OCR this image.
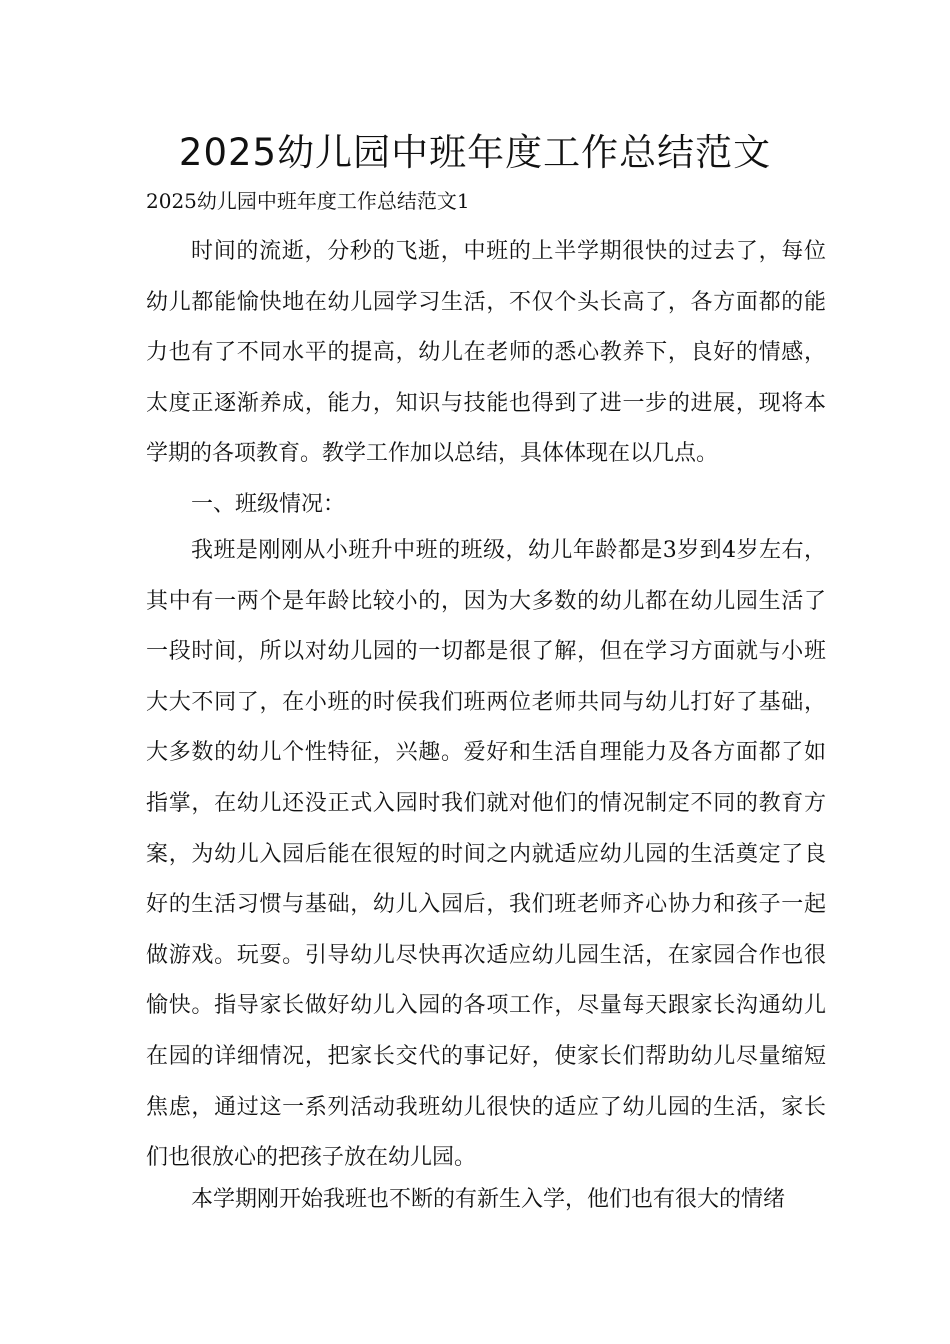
2025幼儿园中班年度工作总结范文
2025幼儿园中班年度工作总结范文1

时间的流逝，分秒的飞逝，中班的上半学期很快的过去了，每位幼儿都能愉快地在幼儿园学习生活，不仅个头长高了，各方面都的能力也有了不同水平的提高，幼儿在老师的悉心教养下，良好的情感，太度正逐渐养成，能力，知识与技能也得到了进一步的进展，现将本学期的各项教育。教学工作加以总结，具体体现在以几点。

一、班级情况：

我班是刚刚从小班升中班的班级，幼儿年龄都是3岁到4岁左右，其中有一两个是年龄比较小的，因为大多数的幼儿都在幼儿园生活了一段时间，所以对幼儿园的一切都是很了解，但在学习方面就与小班大大不同了，在小班的时侯我们班两位老师共同与幼儿打好了基础，大多数的幼儿个性特征，兴趣。爱好和生活自理能力及各方面都了如指掌，在幼儿还没正式入园时我们就对他们的情况制定不同的教育方案，为幼儿入园后能在很短的时间之内就适应幼儿园的生活奠定了良好的生活习惯与基础，幼儿入园后，我们班老师齐心协力和孩子一起做游戏。玩耍。引导幼儿尽快再次适应幼儿园生活，在家园合作也很愉快。指导家长做好幼儿入园的各项工作，尽量每天跟家长沟通幼儿在园的详细情况，把家长交代的事记好，使家长们帮助幼儿尽量缩短焦虑，通过这一系列活动我班幼儿很快的适应了幼儿园的生活，家长们也很放心的把孩子放在幼儿园。

本学期刚开始我班也不断的有新生入学，他们也有很大的情绪
